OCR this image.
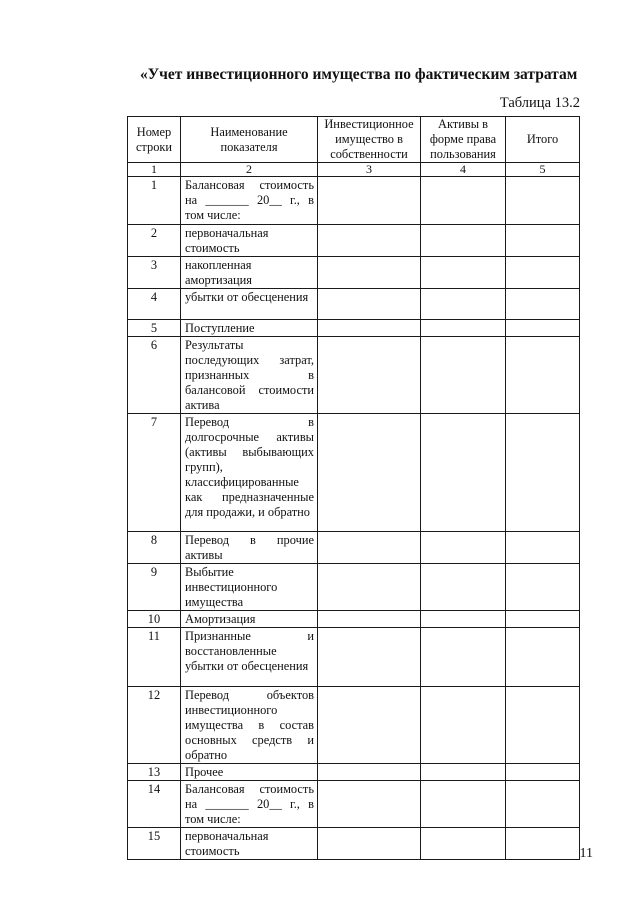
«Учет инвестиционного имущества по фактическим затратам
Таблица 13.2
Номер строки	Наименование показателя	Инвестиционное имущество в собственности	Активы в форме права пользования	Итого
1	2	3	4	5
1	Балансовая стоимость на _______ 20__ г., в том числе:			
2	первоначальная стоимость			
3	накопленная амортизация			
4	убытки от обесценения			
5	Поступление			
6	Результаты последующих затрат, признанных в балансовой стоимости актива			
7	Перевод в долгосрочные активы (активы выбывающих групп), классифицированные как предназначенные для продажи, и обратно			
8	Перевод в прочие активы			
9	Выбытие инвестиционного имущества			
10	Амортизация			
11	Признанные и восстановленные убытки от обесценения			
12	Перевод объектов инвестиционного имущества в состав основных средств и обратно			
13	Прочее			
14	Балансовая стоимость на _______ 20__ г., в том числе:			
15	первоначальная стоимость				11
